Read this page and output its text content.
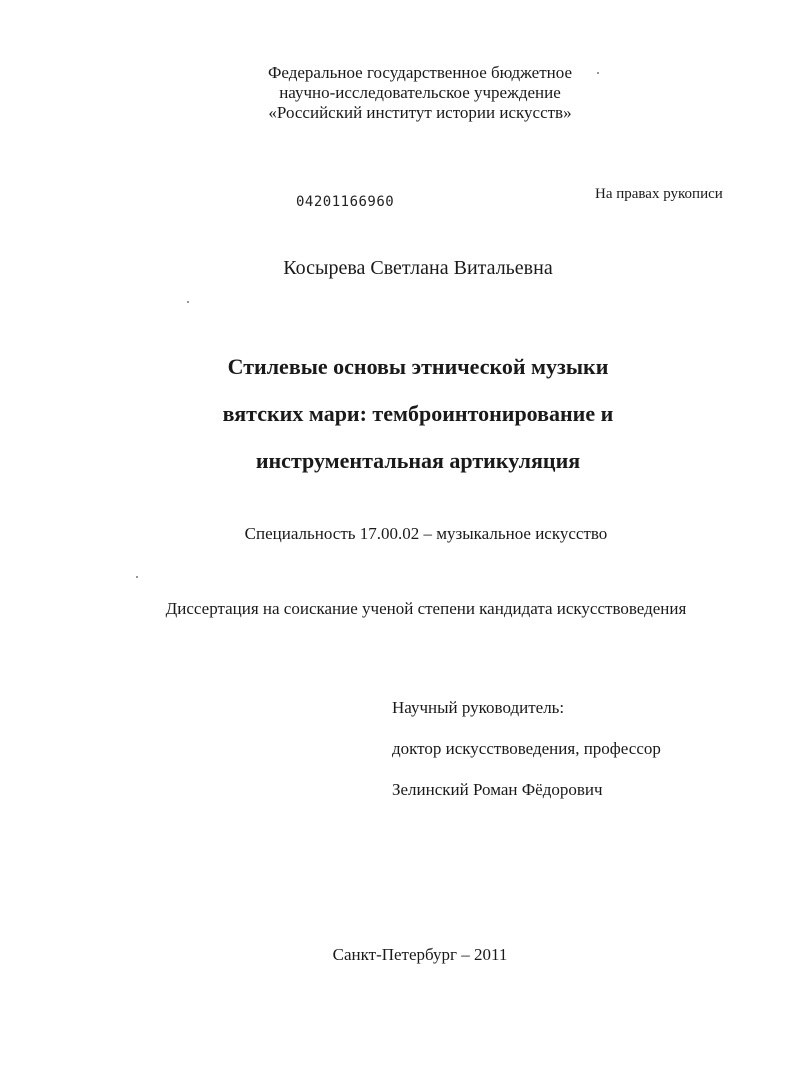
Федеральное государственное бюджетное
научно-исследовательское учреждение
«Российский институт истории искусств»
04201166960	На правах рукописи
Косырева Светлана Витальевна
Стилевые основы этнической музыки
вятских мари: темброинтонирование и
инструментальная артикуляция
Специальность 17.00.02 – музыкальное искусство
Диссертация на соискание ученой степени кандидата искусствоведения
Научный руководитель:
доктор искусствоведения, профессор
Зелинский Роман Фёдорович
Санкт-Петербург – 2011
